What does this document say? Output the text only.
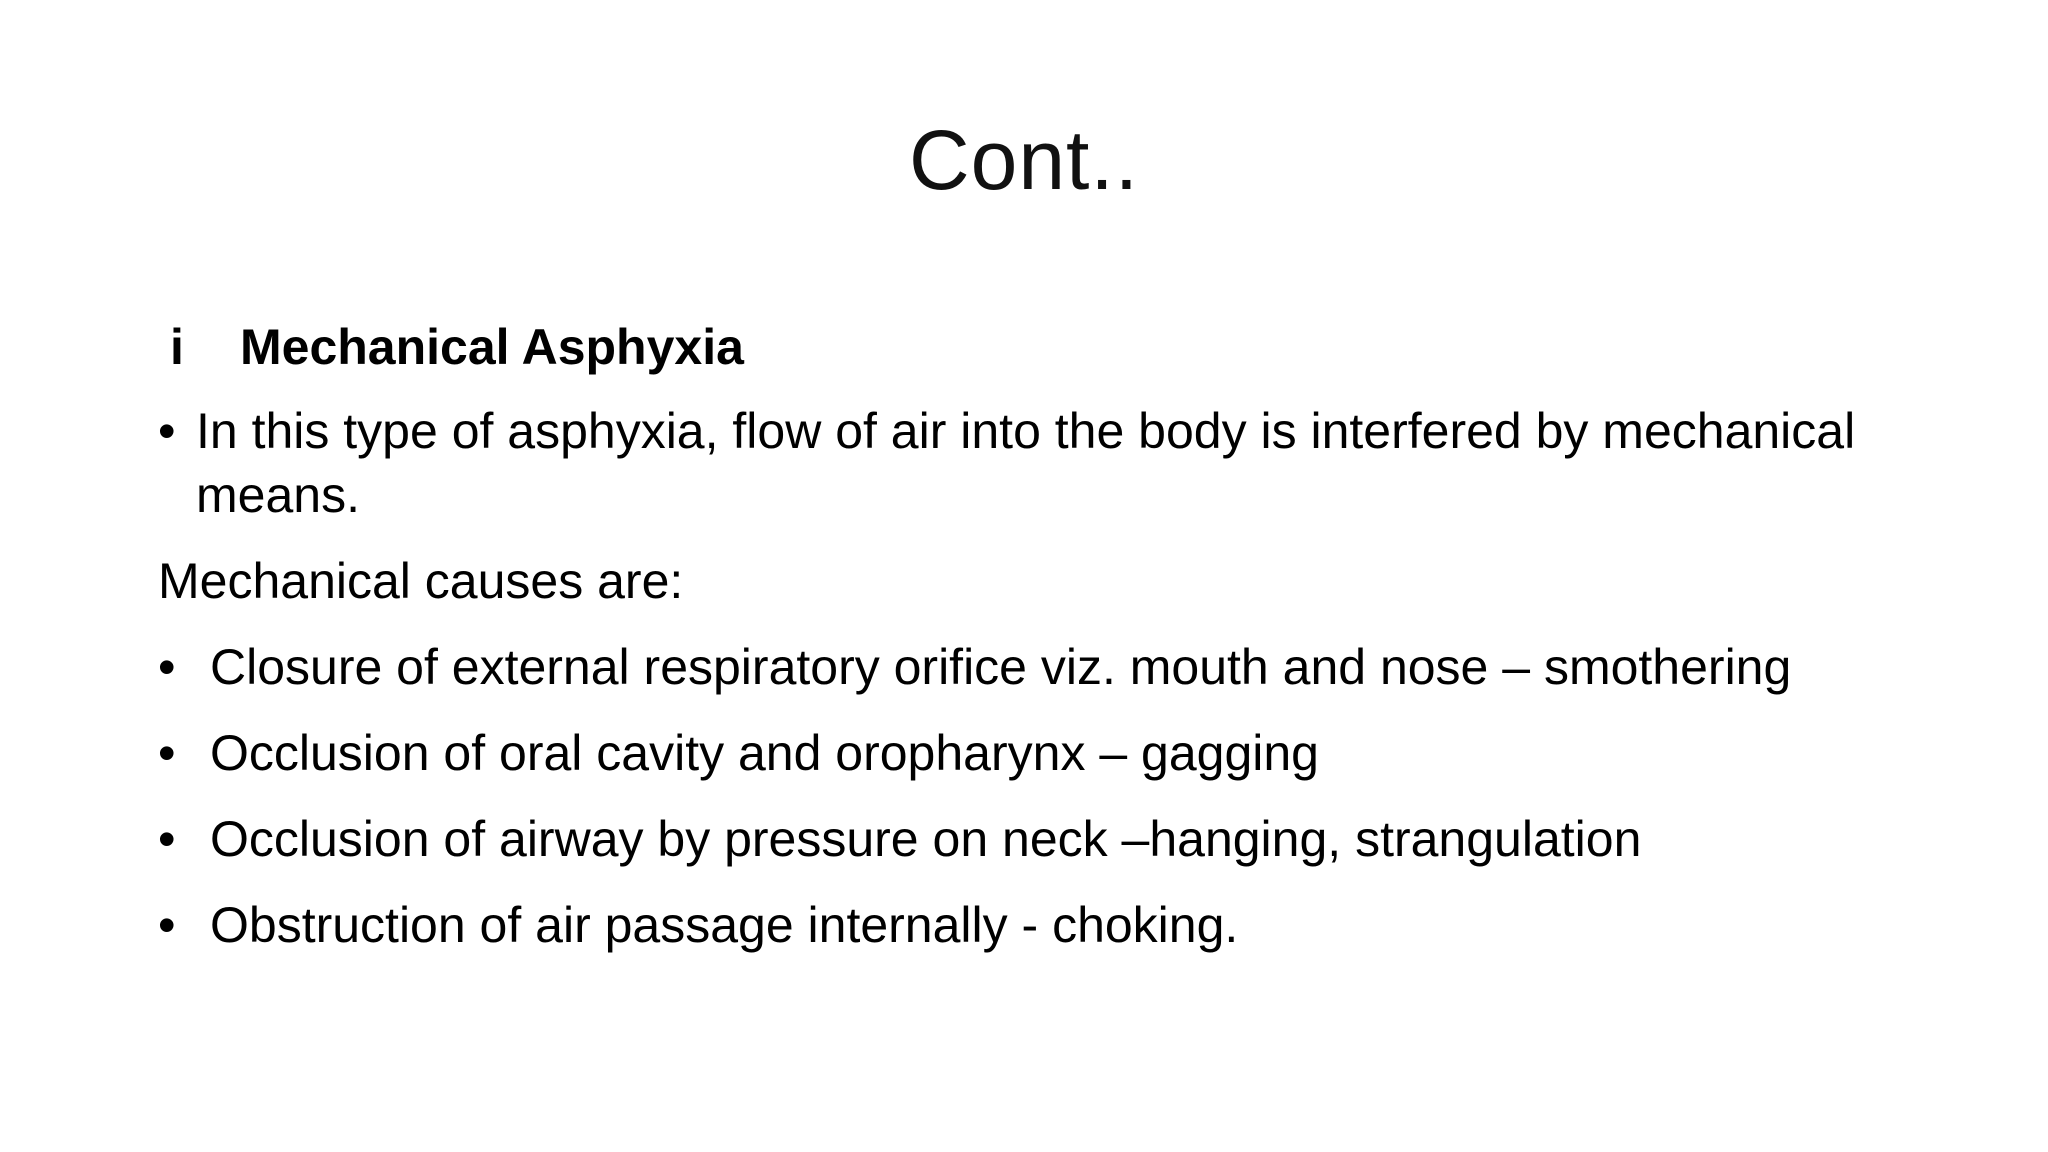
Cont..
i	Mechanical Asphyxia
• In this type of asphyxia, flow of air into the body is interfered by mechanical means.
Mechanical causes are:
• Closure of external respiratory orifice viz. mouth and nose – smothering
• Occlusion of oral cavity and oropharynx – gagging
• Occlusion of airway by pressure on neck –hanging, strangulation
• Obstruction of air passage internally - choking.
